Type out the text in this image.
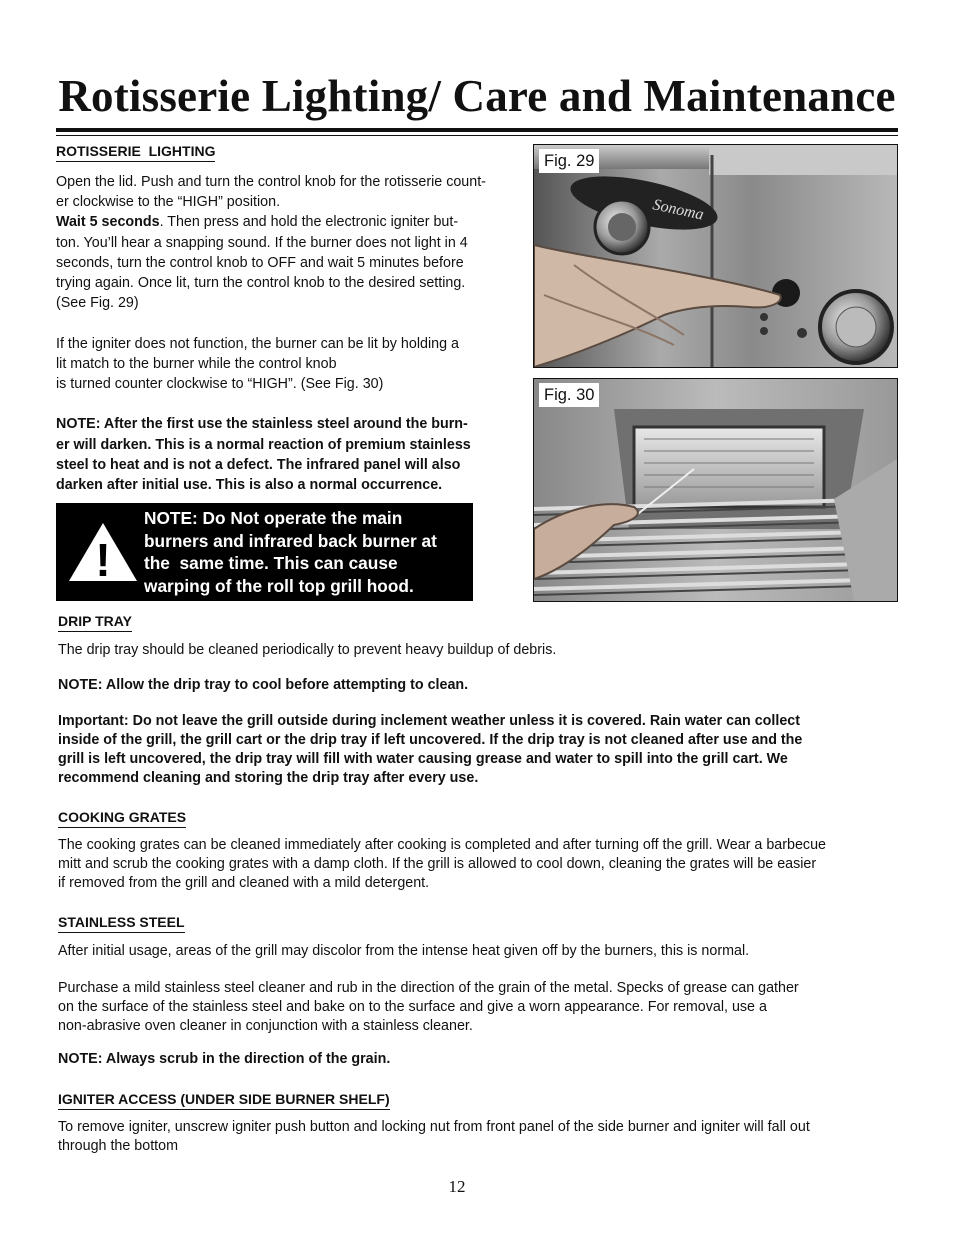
Rotisserie Lighting/ Care and Maintenance
ROTISSERIE  LIGHTING

Open the lid. Push and turn the control knob for the rotisserie count-

er clockwise to the “HIGH” position.

Wait 5 seconds. Then press and hold the electronic igniter but-

ton. You’ll hear a snapping sound. If the burner does not light in 4

seconds, turn the control knob to OFF and wait 5 minutes before

trying again. Once lit, turn the control knob to the desired setting.

(See Fig. 29)

If the igniter does not function, the burner can be lit by holding a

lit match to the burner while the control knob

is turned counter clockwise to “HIGH”. (See Fig. 30)

NOTE: After the first use the stainless steel around the burn-

er will darken. This is a normal reaction of premium stainless

steel to heat and is not a defect. The infrared panel will also

darken after initial use. This is also a normal occurrence.

!
NOTE: Do Not operate the main
burners and infrared back burner at
the  same time. This can cause
warping of the roll top grill hood.
Sonoma
Fig. 29
Fig. 30
DRIP TRAY

The drip tray should be cleaned periodically to prevent heavy buildup of debris.

NOTE: Allow the drip tray to cool before attempting to clean.

Important: Do not leave the grill outside during inclement weather unless it is covered. Rain water can collect

inside of the grill, the grill cart or the drip tray if left uncovered. If the drip tray is not cleaned after use and the

grill is left uncovered, the drip tray will fill with water causing grease and water to spill into the grill cart. We

recommend cleaning and storing the drip tray after every use.

COOKING GRATES

The cooking grates can be cleaned immediately after cooking is completed and after turning off the grill. Wear a barbecue

mitt and scrub the cooking grates with a damp cloth. If the grill is allowed to cool down, cleaning the grates will be easier

if removed from the grill and cleaned with a mild detergent.

STAINLESS STEEL

After initial usage, areas of the grill may discolor from the intense heat given off by the burners, this is normal.

Purchase a mild stainless steel cleaner and rub in the direction of the grain of the metal. Specks of grease can gather

on the surface of the stainless steel and bake on to the surface and give a worn appearance. For removal, use a

non-abrasive oven cleaner in conjunction with a stainless cleaner.

NOTE: Always scrub in the direction of the grain.

IGNITER ACCESS (UNDER SIDE BURNER SHELF)

To remove igniter, unscrew igniter push button and locking nut from front panel of the side burner and igniter will fall out

through the bottom

12
